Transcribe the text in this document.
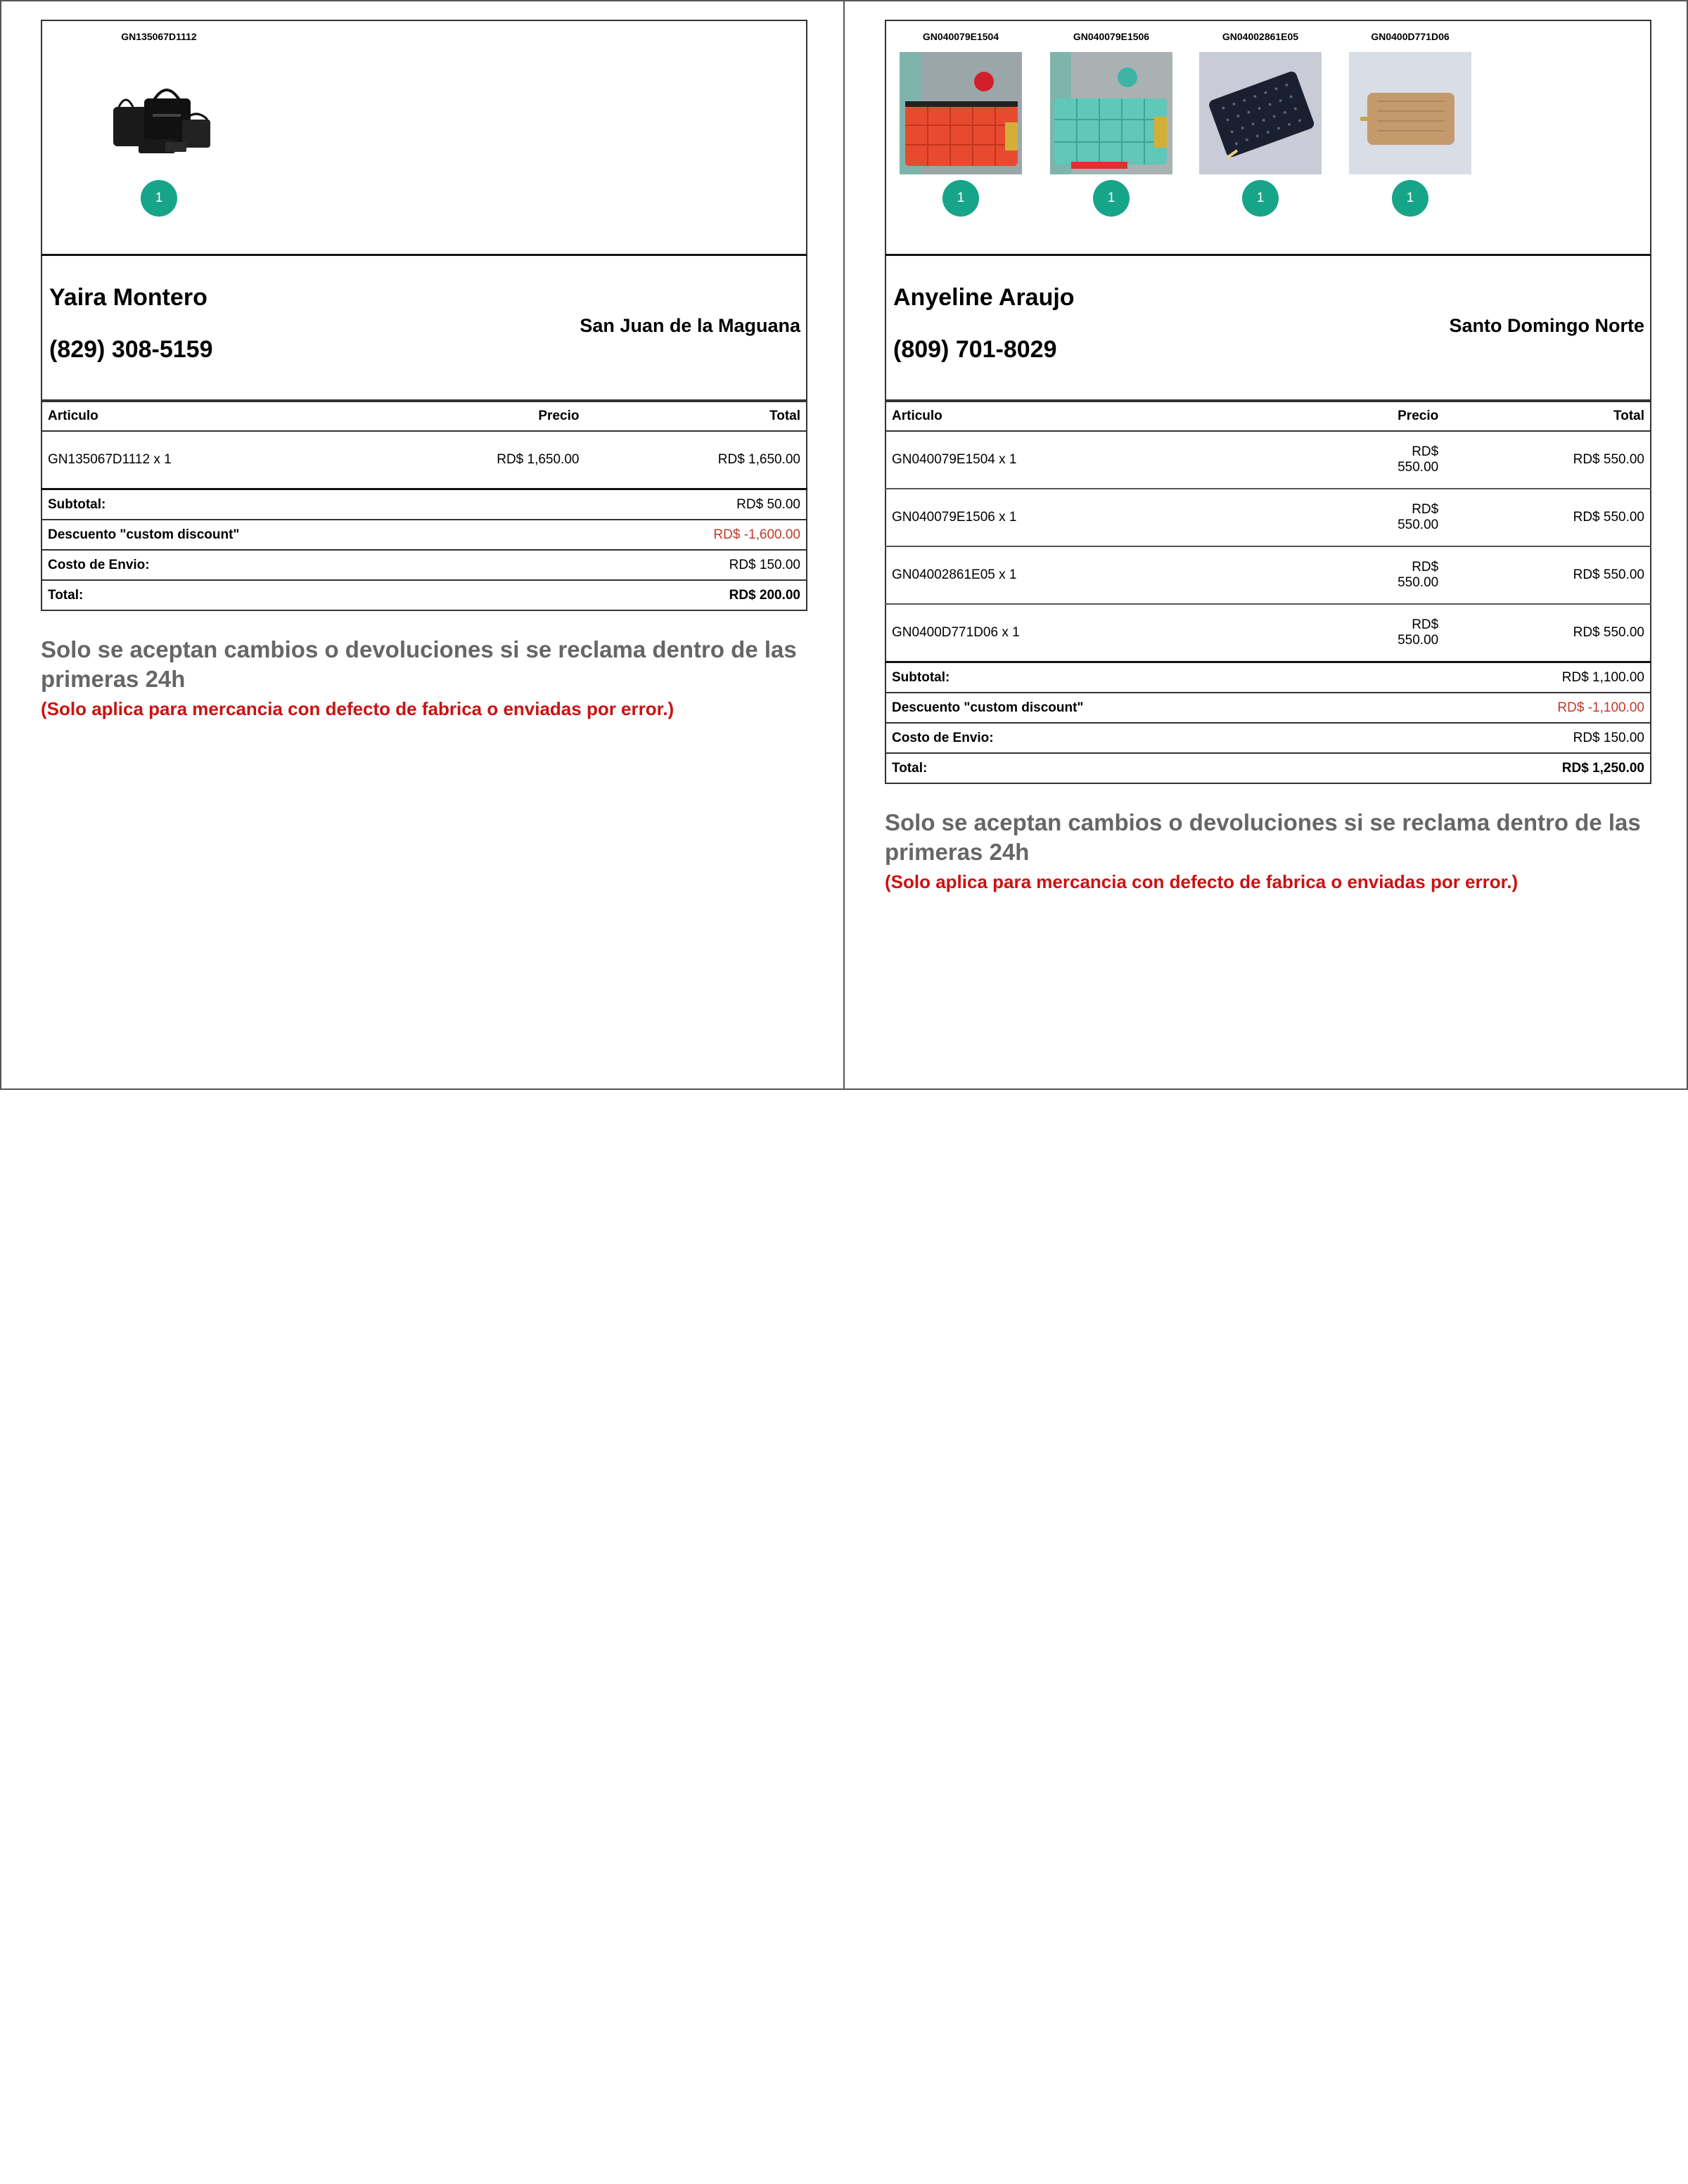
GN135067D1112
1
Yaira Montero
(829) 308-5159
San Juan de la Maguana
Articulo	Precio	Total
GN135067D1112 x 1	RD$ 1,650.00	RD$ 1,650.00
Subtotal:	RD$ 50.00
Descuento "custom discount"	RD$ -1,600.00
Costo de Envio:	RD$ 150.00
Total:	RD$ 200.00
Solo se aceptan cambios o devoluciones si se reclama dentro de las primeras 24h
(Solo aplica para mercancia con defecto de fabrica o enviadas por error.)
GN040079E1504
1
GN040079E1506
1
GN04002861E05
1
GN0400D771D06
1
Anyeline Araujo
(809) 701-8029
Santo Domingo Norte
Articulo	Precio	Total
GN040079E1504 x 1	RD$ 550.00	RD$ 550.00
GN040079E1506 x 1	RD$ 550.00	RD$ 550.00
GN04002861E05 x 1	RD$ 550.00	RD$ 550.00
GN0400D771D06 x 1	RD$ 550.00	RD$ 550.00
Subtotal:	RD$ 1,100.00
Descuento "custom discount"	RD$ -1,100.00
Costo de Envio:	RD$ 150.00
Total:	RD$ 1,250.00
Solo se aceptan cambios o devoluciones si se reclama dentro de las primeras 24h
(Solo aplica para mercancia con defecto de fabrica o enviadas por error.)
